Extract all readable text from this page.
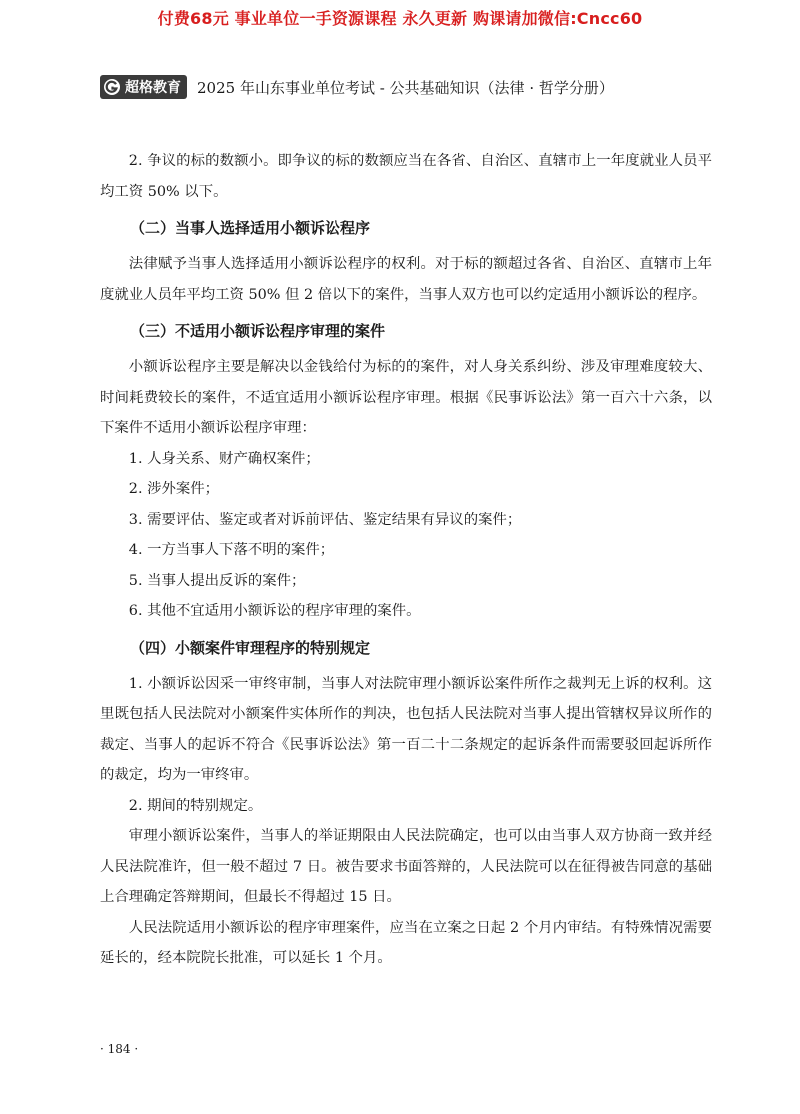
付费68元 事业单位一手资源课程 永久更新 购课请加微信:Cncc60
超格教育 2025 年山东事业单位考试 - 公共基础知识（法律 · 哲学分册）

2. 争议的标的数额小。即争议的标的数额应当在各省、自治区、直辖市上一年度就业人员平均工资 50% 以下。

（二）当事人选择适用小额诉讼程序

法律赋予当事人选择适用小额诉讼程序的权利。对于标的额超过各省、自治区、直辖市上年度就业人员年平均工资 50% 但 2 倍以下的案件，当事人双方也可以约定适用小额诉讼的程序。

（三）不适用小额诉讼程序审理的案件

小额诉讼程序主要是解决以金钱给付为标的的案件，对人身关系纠纷、涉及审理难度较大、时间耗费较长的案件，不适宜适用小额诉讼程序审理。根据《民事诉讼法》第一百六十六条，以下案件不适用小额诉讼程序审理：

1. 人身关系、财产确权案件；
2. 涉外案件；
3. 需要评估、鉴定或者对诉前评估、鉴定结果有异议的案件；
4. 一方当事人下落不明的案件；
5. 当事人提出反诉的案件；
6. 其他不宜适用小额诉讼的程序审理的案件。
（四）小额案件审理程序的特别规定

1. 小额诉讼因采一审终审制，当事人对法院审理小额诉讼案件所作之裁判无上诉的权利。这里既包括人民法院对小额案件实体所作的判决，也包括人民法院对当事人提出管辖权异议所作的裁定、当事人的起诉不符合《民事诉讼法》第一百二十二条规定的起诉条件而需要驳回起诉所作的裁定，均为一审终审。

2. 期间的特别规定。

审理小额诉讼案件，当事人的举证期限由人民法院确定，也可以由当事人双方协商一致并经人民法院准许，但一般不超过 7 日。被告要求书面答辩的，人民法院可以在征得被告同意的基础上合理确定答辩期间，但最长不得超过 15 日。

人民法院适用小额诉讼的程序审理案件，应当在立案之日起 2 个月内审结。有特殊情况需要延长的，经本院院长批准，可以延长 1 个月。

· 184 ·
